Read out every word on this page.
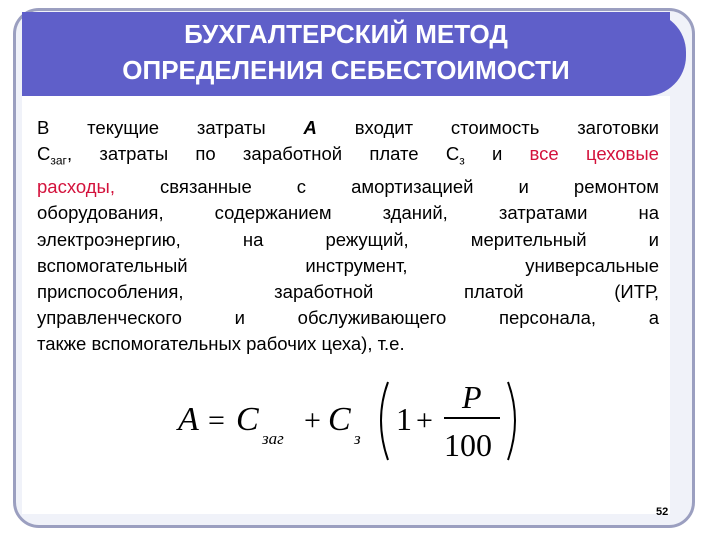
БУХГАЛТЕРСКИЙ МЕТОД
ОПРЕДЕЛЕНИЯ СЕБЕСТОИМОСТИ
В текущие затраты А входит стоимость заготовки
$С_{заг}$, затраты по заработной плате $С_з$ и все цеховые
расходы, связанные с амортизацией и ремонтом
оборудования, содержанием зданий, затратами на
электроэнергию, на режущий, мерительный и
вспомогательный инструмент, универсальные
приспособления, заработной платой (ИТР,
управленческого и обслуживающего персонала, а
также вспомогательных рабочих цеха), т.е.
A = C
заг
+ C
з
1 +
P
100
52
